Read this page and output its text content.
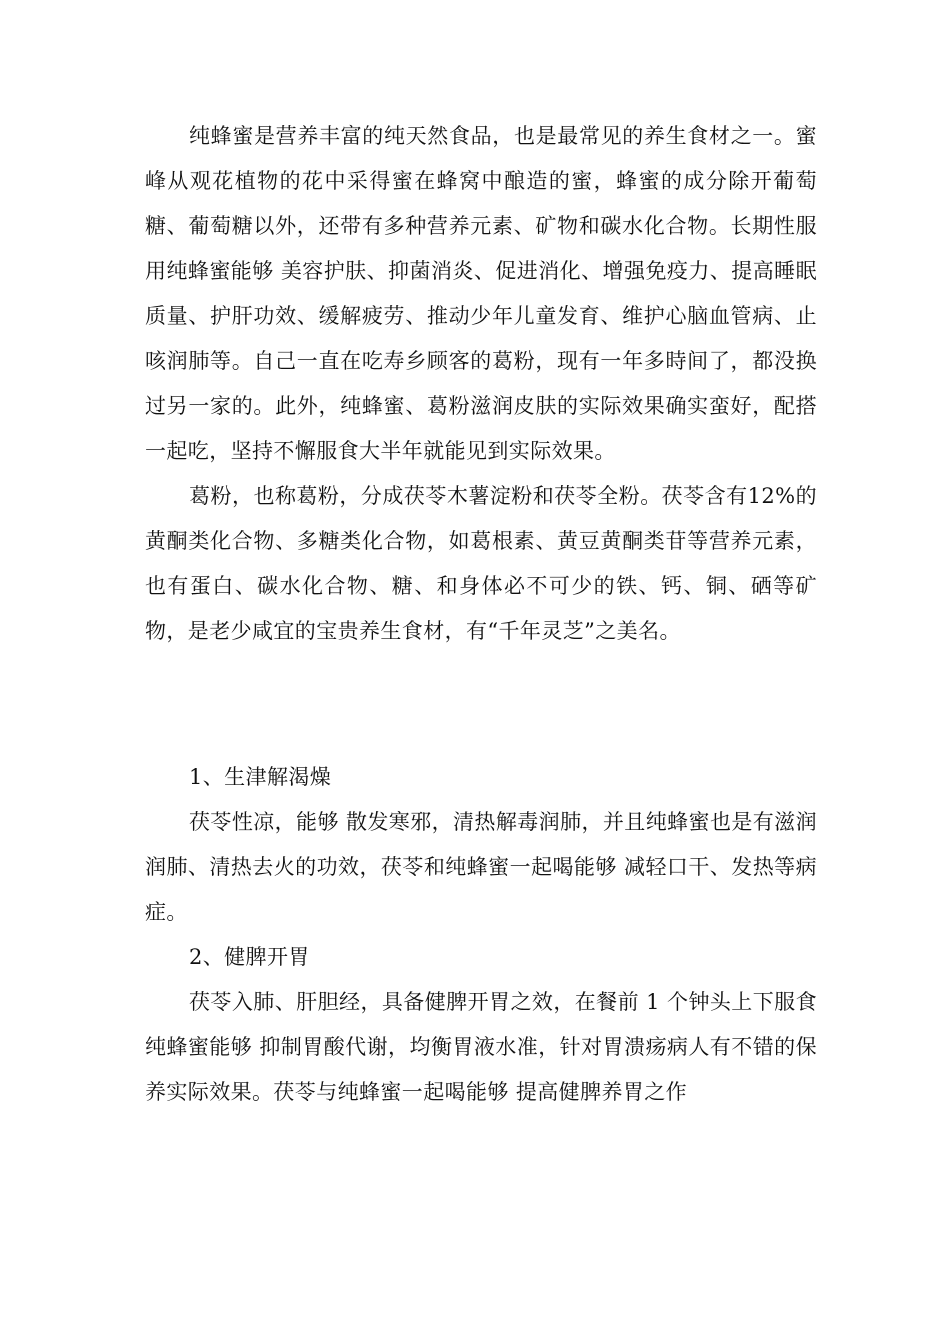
纯蜂蜜是营养丰富的纯天然食品，也是最常见的养生食材之一。蜜峰从观花植物的花中采得蜜在蜂窝中酿造的蜜，蜂蜜的成分除开葡萄糖、葡萄糖以外，还带有多种营养元素、矿物和碳水化合物。长期性服用纯蜂蜜能够 美容护肤、抑菌消炎、促进消化、增强免疫力、提高睡眠质量、护肝功效、缓解疲劳、推动少年儿童发育、维护心脑血管病、止咳润肺等。自己一直在吃寿乡顾客的葛粉，现有一年多時间了，都没换过另一家的。此外，纯蜂蜜、葛粉滋润皮肤的实际效果确实蛮好，配搭一起吃，坚持不懈服食大半年就能见到实际效果。

葛粉，也称葛粉，分成茯苓木薯淀粉和茯苓全粉。茯苓含有12%的黄酮类化合物、多糖类化合物，如葛根素、黄豆黄酮类苷等营养元素，也有蛋白、碳水化合物、糖、和身体必不可少的铁、钙、铜、硒等矿物，是老少咸宜的宝贵养生食材，有“千年灵芝”之美名。

1、生津解渴燥

茯苓性凉，能够 散发寒邪，清热解毒润肺，并且纯蜂蜜也是有滋润润肺、清热去火的功效，茯苓和纯蜂蜜一起喝能够 减轻口干、发热等病症。

2、健脾开胃

茯苓入肺、肝胆经，具备健脾开胃之效，在餐前 1 个钟头上下服食纯蜂蜜能够 抑制胃酸代谢，均衡胃液水准，针对胃溃疡病人有不错的保养实际效果。茯苓与纯蜂蜜一起喝能够 提高健脾养胃之作
